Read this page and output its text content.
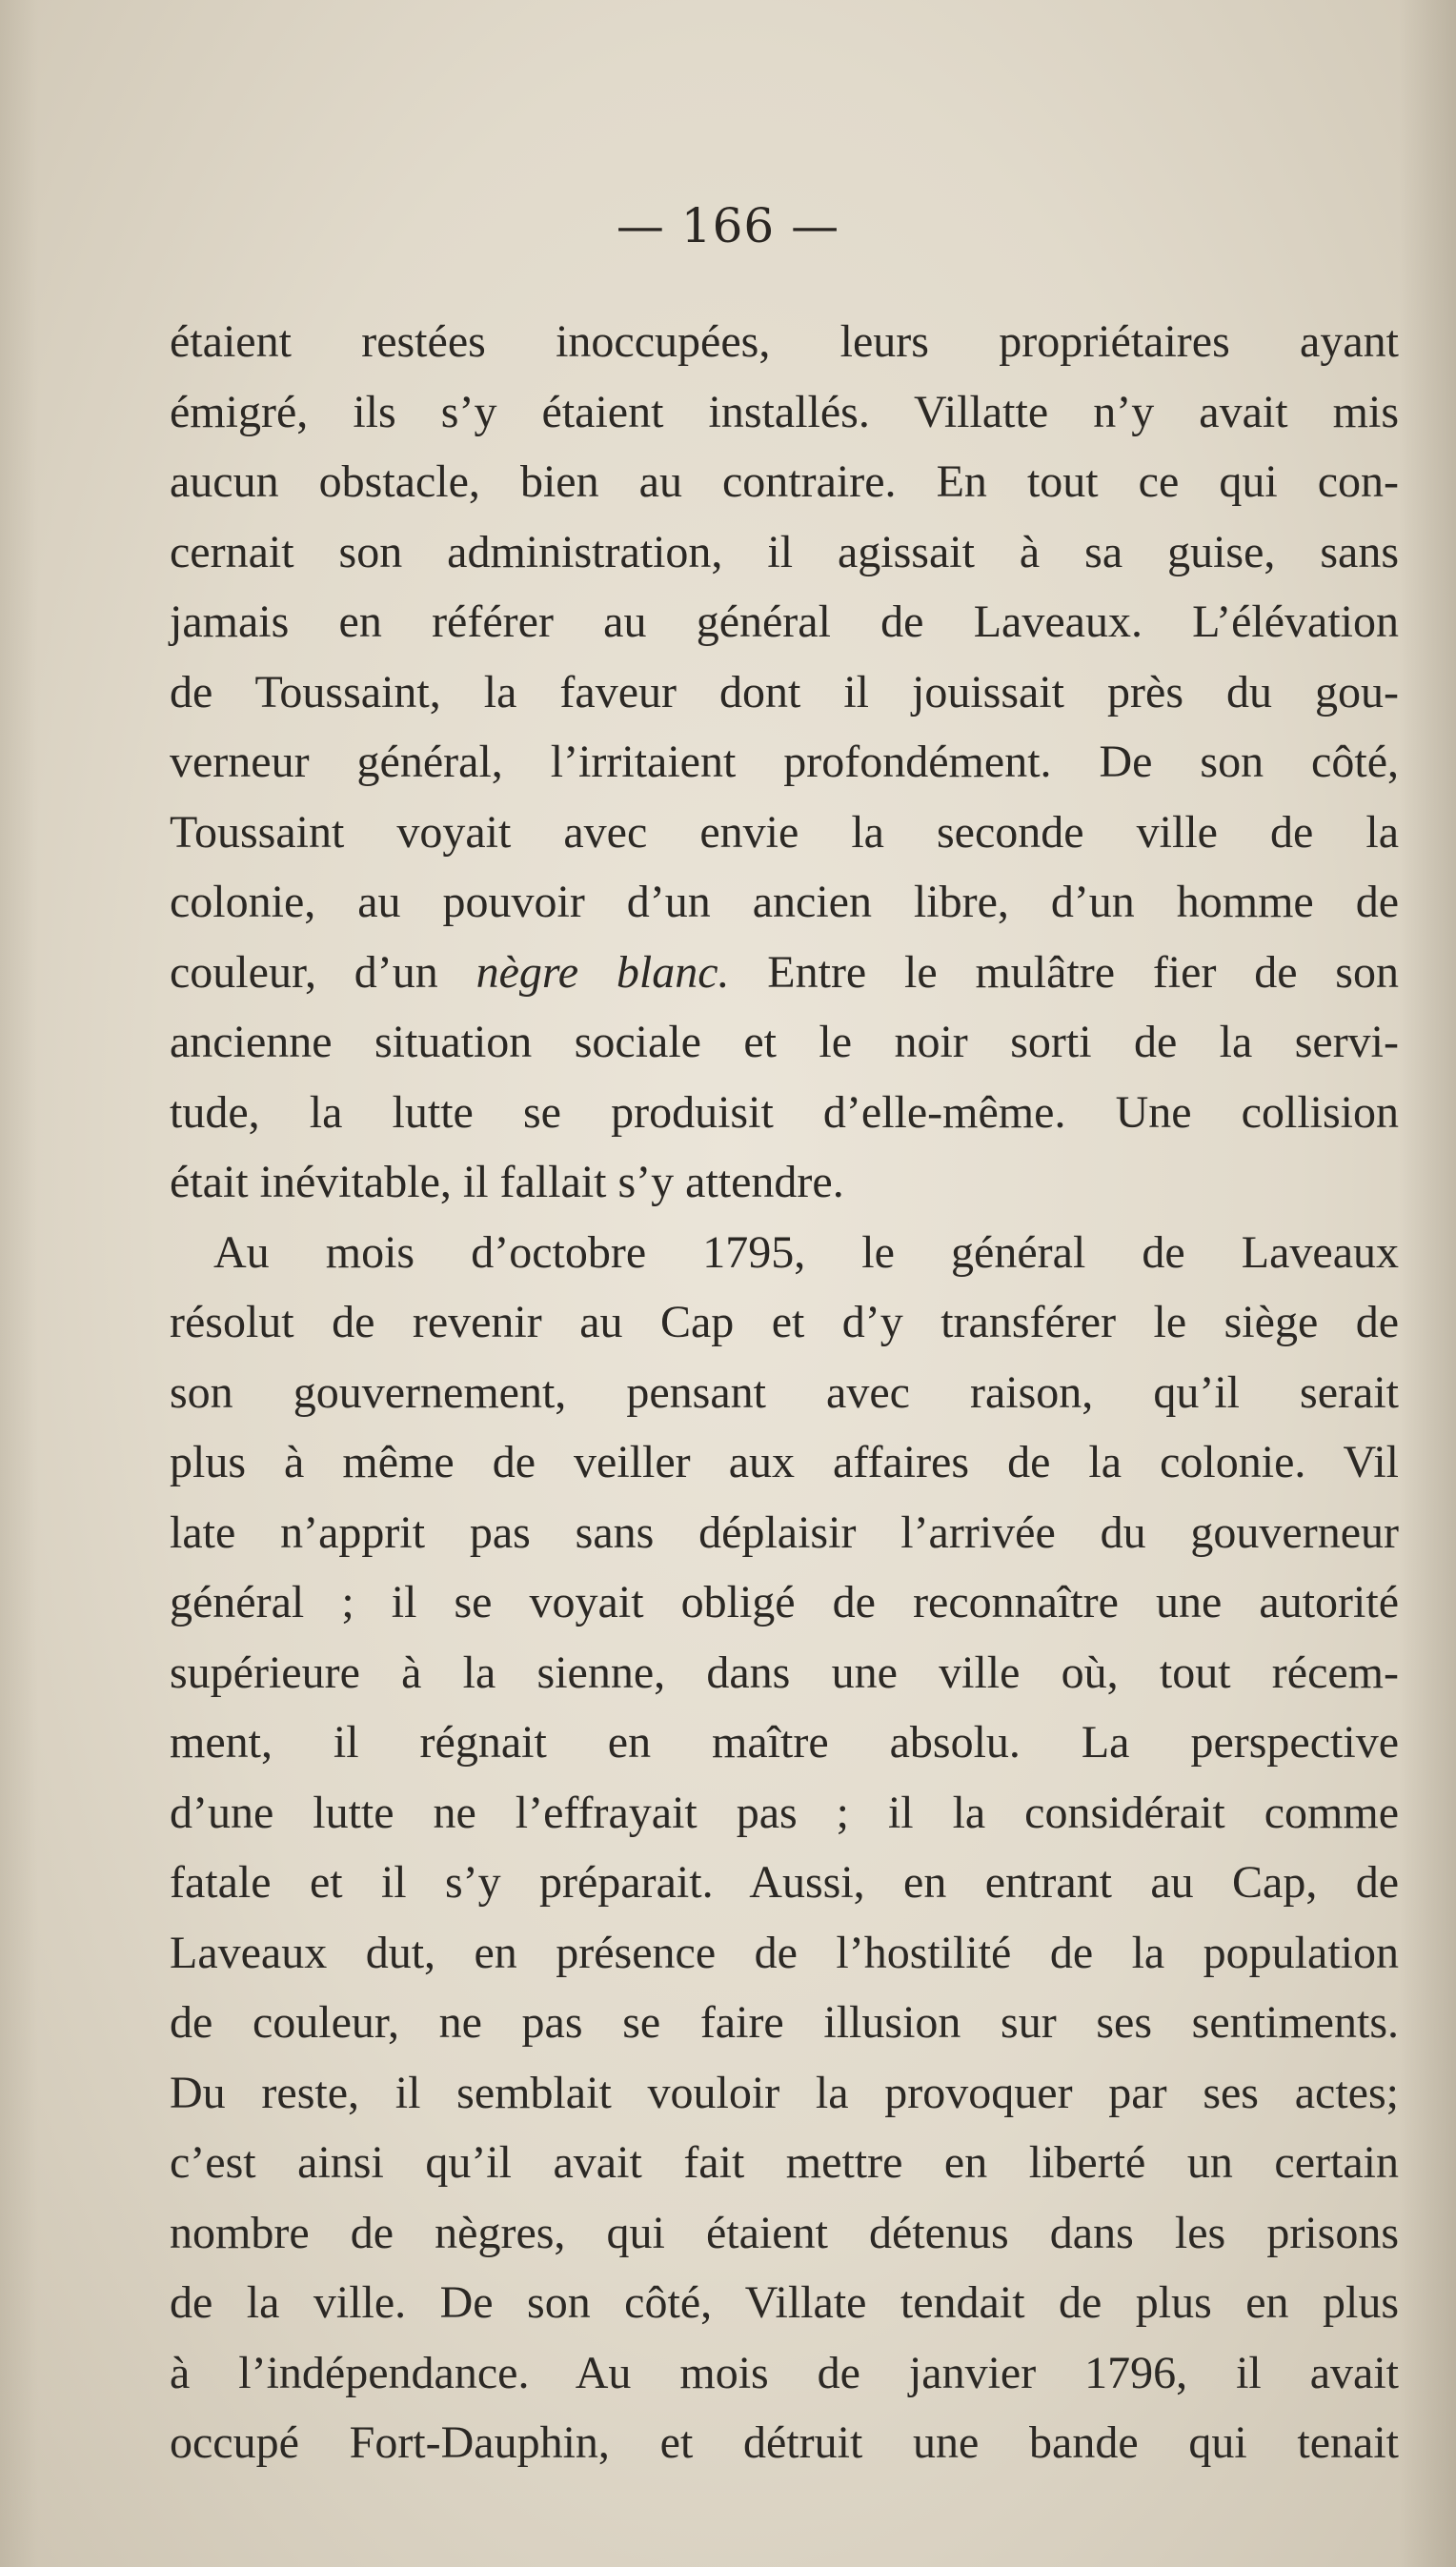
— 166 —
étaient restées inoccupées, leurs propriétaires ayant
émigré, ils s’y étaient installés. Villatte n’y avait mis
aucun obstacle, bien au contraire. En tout ce qui con-
cernait son administration, il agissait à sa guise, sans
jamais en référer au général de Laveaux. L’élévation
de Toussaint, la faveur dont il jouissait près du gou-
verneur général, l’irritaient profondément. De son côté,
Toussaint voyait avec envie la seconde ville de la
colonie, au pouvoir d’un ancien libre, d’un homme de
couleur, d’un nègre blanc. Entre le mulâtre fier de son
ancienne situation sociale et le noir sorti de la servi-
tude, la lutte se produisit d’elle-même. Une collision
était inévitable, il fallait s’y attendre.
Au mois d’octobre 1795, le général de Laveaux
résolut de revenir au Cap et d’y transférer le siège de
son gouvernement, pensant avec raison, qu’il serait
plus à même de veiller aux affaires de la colonie. Vil
late n’apprit pas sans déplaisir l’arrivée du gouverneur
général ; il se voyait obligé de reconnaître une autorité
supérieure à la sienne, dans une ville où, tout récem-
ment, il régnait en maître absolu. La perspective
d’une lutte ne l’effrayait pas ; il la considérait comme
fatale et il s’y préparait. Aussi, en entrant au Cap, de
Laveaux dut, en présence de l’hostilité de la population
de couleur, ne pas se faire illusion sur ses sentiments.
Du reste, il semblait vouloir la provoquer par ses actes;
c’est ainsi qu’il avait fait mettre en liberté un certain
nombre de nègres, qui étaient détenus dans les prisons
de la ville. De son côté, Villate tendait de plus en plus
à l’indépendance. Au mois de janvier 1796, il avait
occupé Fort-Dauphin, et détruit une bande qui tenait
